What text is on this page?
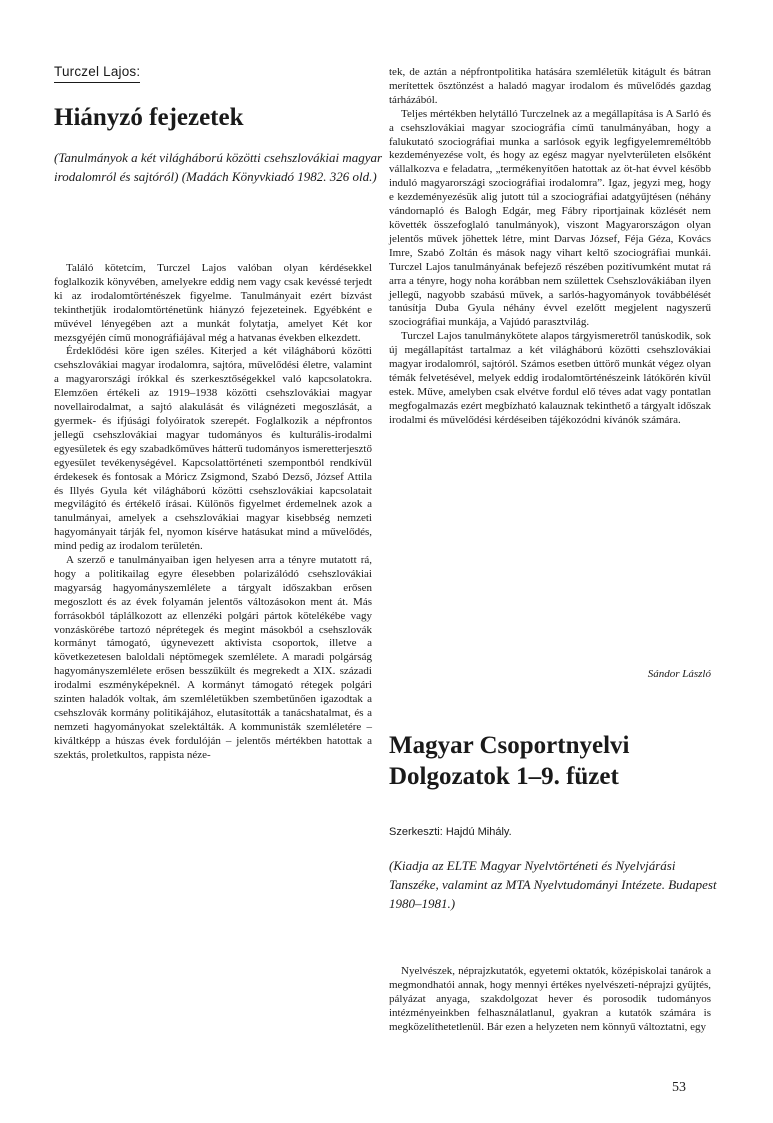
Turczel Lajos:
Hiányzó fejezetek

(Tanulmányok a két világháború közötti csehszlovákiai magyar irodalomról és sajtóról) (Madách Könyvkiadó 1982. 326 old.)

Találó kötetcím, Turczel Lajos valóban olyan kérdésekkel foglalkozik könyvében, amelyekre eddig nem vagy csak kevéssé terjedt ki az irodalomtörténészek figyelme. Tanulmányait ezért bízvást tekinthetjük irodalomtörténetünk hiányzó fejezeteinek. Egyébként e művével lényegében azt a munkát folytatja, amelyet Két kor mezsgyéjén című monográfiájával még a hatvanas években elkezdett.

Érdeklődési köre igen széles. Kiterjed a két világháború közötti csehszlovákiai magyar irodalomra, sajtóra, művelődési életre, valamint a magyarországi írókkal és szerkesztőségekkel való kapcsolatokra. Elemzően értékeli az 1919–1938 közötti csehszlovákiai magyar novellairodalmat, a sajtó alakulását és világnézeti megoszlását, a gyermek- és ifjúsági folyóiratok szerepét. Foglalkozik a népfrontos jellegű csehszlovákiai magyar tudományos és kulturális-irodalmi egyesületek és egy szabadkőműves hátterű tudományos ismeretterjesztő egyesület tevékenységével. Kapcsolattörténeti szempontból rendkívül érdekesek és fontosak a Móricz Zsigmond, Szabó Dezső, József Attila és Illyés Gyula két világháború közötti csehszlovákiai kapcsolatait megvilágító és értékelő írásai. Különös figyelmet érdemelnek azok a tanulmányai, amelyek a csehszlovákiai magyar kisebbség nemzeti hagyományait tárják fel, nyomon kísérve hatásukat mind a művelődés, mind pedig az irodalom területén.

A szerző e tanulmányaiban igen helyesen arra a tényre mutatott rá, hogy a politikailag egyre élesebben polarizálódó csehszlovákiai magyarság hagyományszemlélete a tárgyalt időszakban erősen megoszlott és az évek folyamán jelentős változásokon ment át. Más forrásokból táplálkozott az ellenzéki polgári pártok kötelékébe vagy vonzáskörébe tartozó néprétegek és megint másokból a csehszlovák kormányt támogató, úgynevezett aktivista csoportok, illetve a következetesen baloldali néptömegek szemlélete. A maradi polgárság hagyományszemlélete erősen besszűkült és megrekedt a XIX. századi irodalmi eszményképeknél. A kormányt támogató rétegek polgári szinten haladók voltak, ám szemléletükben szembetűnően igazodtak a csehszlovák kormány politikájához, elutasították a tanácshatalmat, és a nemzeti hagyományokat szelektálták. A kommunisták szemléletére – kiváltképp a húszas évek fordulóján – jelentős mértékben hatottak a szektás, proletkultos, rappista néze-

tek, de aztán a népfrontpolitika hatására szemléletük kitágult és bátran merítettek ösztönzést a haladó magyar irodalom és művelődés gazdag tárházából.

Teljes mértékben helytálló Turczelnek az a megállapítása is A Sarló és a csehszlovákiai magyar szociográfia című tanulmányában, hogy a falukutató szociográfiai munka a sarlósok egyik legfigyelemreméltóbb kezdeményezése volt, és hogy az egész magyar nyelvterületen elsőként vállalkozva e feladatra, „termékenyítően hatottak az öt-hat évvel később induló magyarországi szociográfiai irodalomra”. Igaz, jegyzi meg, hogy e kezdeményezésük alig jutott túl a szociográfiai adatgyűjtésen (néhány vándornapló és Balogh Edgár, meg Fábry riportjainak közlését nem követték összefoglaló tanulmányok), viszont Magyarországon olyan jelentős művek jöhettek létre, mint Darvas József, Féja Géza, Kovács Imre, Szabó Zoltán és mások nagy vihart keltő szociográfiai munkái. Turczel Lajos tanulmányának befejező részében pozitívumként mutat rá arra a tényre, hogy noha korábban nem születtek Csehszlovákiában ilyen jellegű, nagyobb szabású művek, a sarlós-hagyományok továbbélését tanúsítja Duba Gyula néhány évvel ezelőtt megjelent nagyszerű szociográfiai munkája, a Vajúdó parasztvilág.

Turczel Lajos tanulmánykötete alapos tárgyismeretről tanúskodik, sok új megállapítást tartalmaz a két világháború közötti csehszlovákiai magyar irodalomról, sajtóról. Számos esetben úttörő munkát végez olyan témák felvetésével, melyek eddig irodalomtörténészeink látókörén kívül estek. Műve, amelyben csak elvétve fordul elő téves adat vagy pontatlan megfogalmazás ezért megbízható kalauznak tekinthető a tárgyalt időszak irodalmi és művelődési kérdéseiben tájékozódni kívánók számára.

Sándor László
Magyar Csoportnyelvi
Dolgozatok 1–9. füzet
Szerkeszti: Hajdú Mihály.

(Kiadja az ELTE Magyar Nyelvtörténeti és Nyelvjárási Tanszéke, valamint az MTA Nyelvtudományi Intézete. Budapest 1980–1981.)

Nyelvészek, néprajzkutatók, egyetemi oktatók, középiskolai tanárok a megmondhatói annak, hogy mennyi értékes nyelvészeti-néprajzi gyűjtés, pályázat anyaga, szakdolgozat hever és porosodik tudományos intézményeinkben felhasználatlanul, gyakran a kutatók számára is megközelíthetetlenül. Bár ezen a helyzeten nem könnyű változtatni, egy

53
